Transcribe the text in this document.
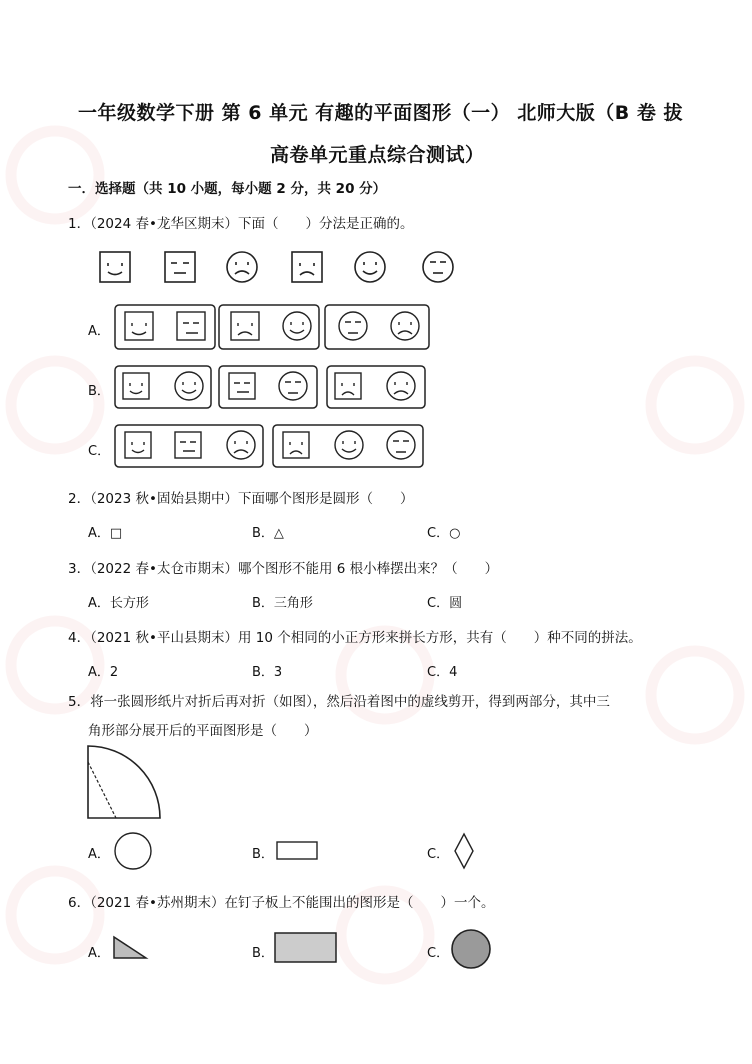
一年级数学下册 第 6 单元 有趣的平面图形（一） 北师大版（B 卷 拔
高卷单元重点综合测试）
一．选择题（共 10 小题，每小题 2 分，共 20 分）
1．（2024 春•龙华区期末）下面（　　）分法是正确的。
A．
B．
C．
2．（2023 秋•固始县期中）下面哪个图形是圆形（　　）
A．□	B．△	C．○
3．（2022 春•太仓市期末）哪个图形不能用 6 根小棒摆出来？（　　）
A．长方形	B．三角形	C．圆
4．（2021 秋•平山县期末）用 10 个相同的小正方形来拼长方形，共有（　　）种不同的拼法。
A．2	B．3	C．4
5．将一张圆形纸片对折后再对折（如图），然后沿着图中的虚线剪开，得到两部分，其中三
角形部分展开后的平面图形是（　　）
A．	B．	C．
6．（2021 春•苏州期末）在钉子板上不能围出的图形是（　　）一个。
A．	B．	C．
